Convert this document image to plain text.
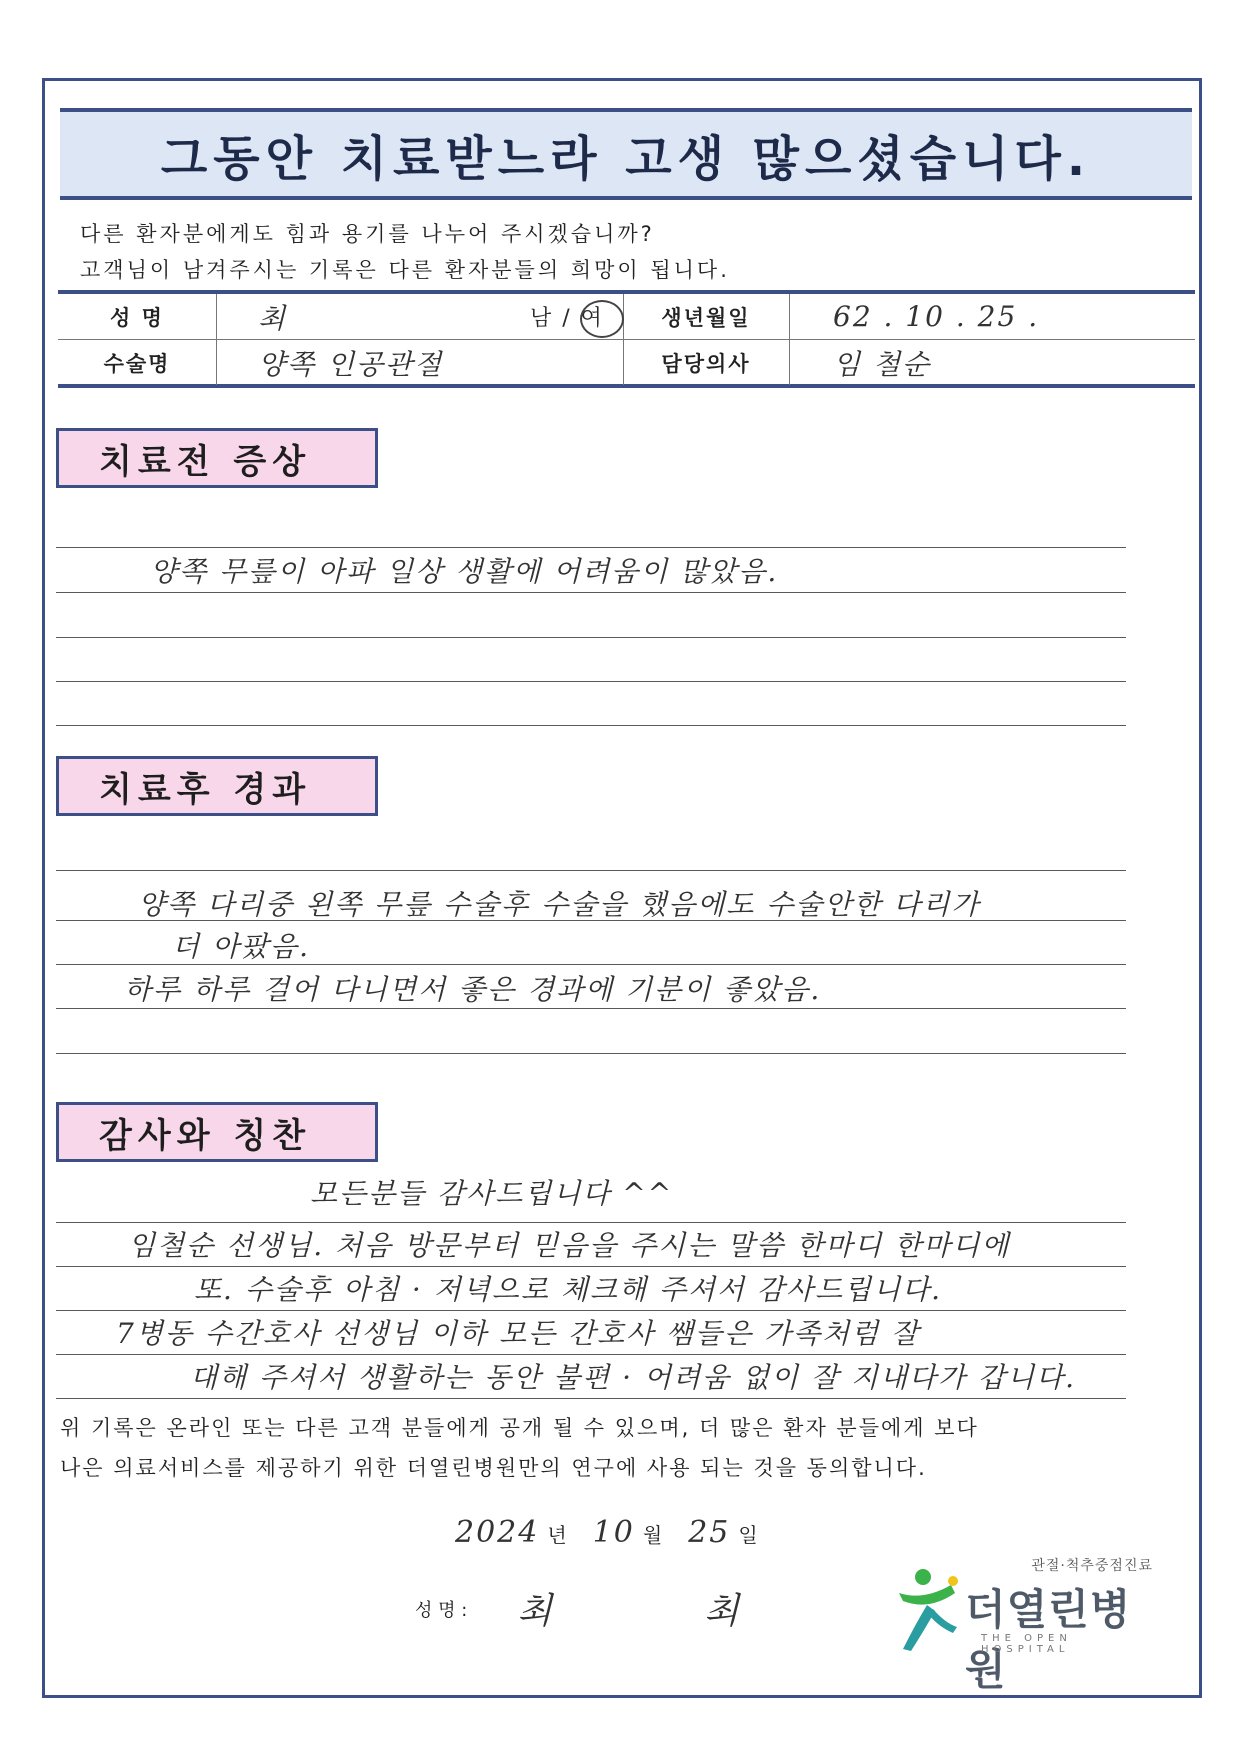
그동안 치료받느라 고생 많으셨습니다.
다른 환자분에게도 힘과 용기를 나누어 주시겠습니까?
고객님이 남겨주시는 기록은 다른 환자분들의 희망이 됩니다.
성 명	최	남 / 여	생년월일	62 . 10 . 25 .
수술명	양쪽 인공관절	담당의사	임 철순
치료전 증상
양쪽 무릎이 아파 일상 생활에 어려움이 많았음.
치료후 경과
양쪽 다리중 왼쪽 무릎 수술후 수술을 했음에도 수술안한 다리가
더 아팠음.
하루 하루 걸어 다니면서 좋은 경과에 기분이 좋았음.
감사와 칭찬
모든분들 감사드립니다 ^^
임철순 선생님. 처음 방문부터 믿음을 주시는 말씀 한마디 한마디에
또. 수술후 아침 · 저녁으로 체크해 주셔서 감사드립니다.
7병동 수간호사 선생님 이하 모든 간호사 쌤들은 가족처럼 잘
대해 주셔서 생활하는 동안 불편 · 어려움 없이 잘 지내다가 갑니다.
위 기록은 온라인 또는 다른 고객 분들에게 공개 될 수 있으며, 더 많은 환자 분들에게 보다
나은 의료서비스를 제공하기 위한 더열린병원만의 연구에 사용 되는 것을 동의합니다.
2024 년 10 월 25 일
성 명 : 최	최
관절·척추중점진료
더열린병원
THE OPEN HOSPITAL
